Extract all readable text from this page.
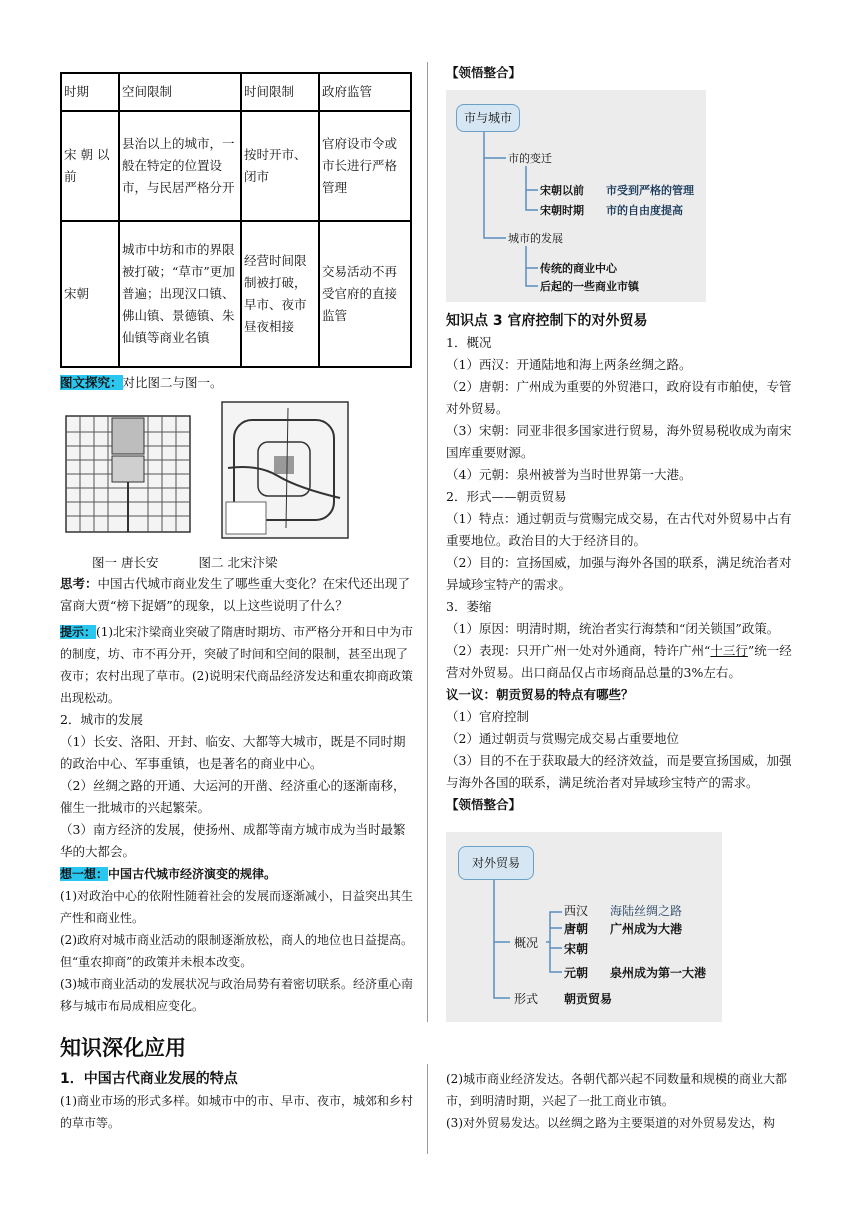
时期	空间限制	时间限制	政府监管
宋 朝 以前	县治以上的城市，一般在特定的位置设市，与民居严格分开	按时开市、闭市	官府设市令或市长进行严格管理
宋朝	城市中坊和市的界限被打破；“草市”更加普遍；出现汉口镇、佛山镇、景德镇、朱仙镇等商业名镇	经营时间限制被打破，早市、夜市昼夜相接	交易活动不再受官府的直接监管

图文探究：对比图二与图一。

图一 唐长安	图二 北宋汴梁

思考：中国古代城市商业发生了哪些重大变化？在宋代还出现了富商大贾“榜下捉婿”的现象，以上这些说明了什么？

提示：(1)北宋汴梁商业突破了隋唐时期坊、市严格分开和日中为市的制度，坊、市不再分开，突破了时间和空间的限制，甚至出现了夜市；农村出现了草市。(2)说明宋代商品经济发达和重农抑商政策出现松动。

2．城市的发展

（1）长安、洛阳、开封、临安、大都等大城市，既是不同时期的政治中心、军事重镇，也是著名的商业中心。

（2）丝绸之路的开通、大运河的开凿、经济重心的逐渐南移，催生一批城市的兴起繁荣。

（3）南方经济的发展，使扬州、成都等南方城市成为当时最繁华的大都会。

想一想：中国古代城市经济演变的规律。

(1)对政治中心的依附性随着社会的发展而逐渐减小，日益突出其生产性和商业性。

(2)政府对城市商业活动的限制逐渐放松，商人的地位也日益提高。但“重农抑商”的政策并未根本改变。

(3)城市商业活动的发展状况与政治局势有着密切联系。经济重心南移与城市布局成相应变化。

【领悟整合】
市与城市
市的变迁
宋朝以前 市受到严格的管理
宋朝时期 市的自由度提高
城市的发展
传统的商业中心
后起的一些商业市镇

知识点 3 官府控制下的对外贸易

1．概况

（1）西汉：开通陆地和海上两条丝绸之路。

（2）唐朝：广州成为重要的外贸港口，政府设有市舶使，专管对外贸易。

（3）宋朝：同亚非很多国家进行贸易，海外贸易税收成为南宋国库重要财源。

（4）元朝：泉州被誉为当时世界第一大港。

2．形式——朝贡贸易

（1）特点：通过朝贡与赏赐完成交易，在古代对外贸易中占有重要地位。政治目的大于经济目的。

（2）目的：宣扬国威，加强与海外各国的联系，满足统治者对异域珍宝特产的需求。

3．萎缩

（1）原因：明清时期，统治者实行海禁和“闭关锁国”政策。

（2）表现：只开广州一处对外通商，特许广州“十三行”统一经营对外贸易。出口商品仅占市场商品总量的3%左右。

议一议：朝贡贸易的特点有哪些？

（1）官府控制

（2）通过朝贡与赏赐完成交易占重要地位

（3）目的不在于获取最大的经济效益，而是要宣扬国威，加强与海外各国的联系，满足统治者对异域珍宝特产的需求。

【领悟整合】

对外贸易
概况
西汉 海陆丝绸之路
唐朝 广州成为大港
宋朝
元朝 泉州成为第一大港
形式 朝贡贸易
知识深化应用

1．中国古代商业发展的特点

(1)商业市场的形式多样。如城市中的市、早市、夜市，城郊和乡村的草市等。

(2)城市商业经济发达。各朝代都兴起不同数量和规模的商业大都市，到明清时期，兴起了一批工商业市镇。

(3)对外贸易发达。以丝绸之路为主要渠道的对外贸易发达，构
